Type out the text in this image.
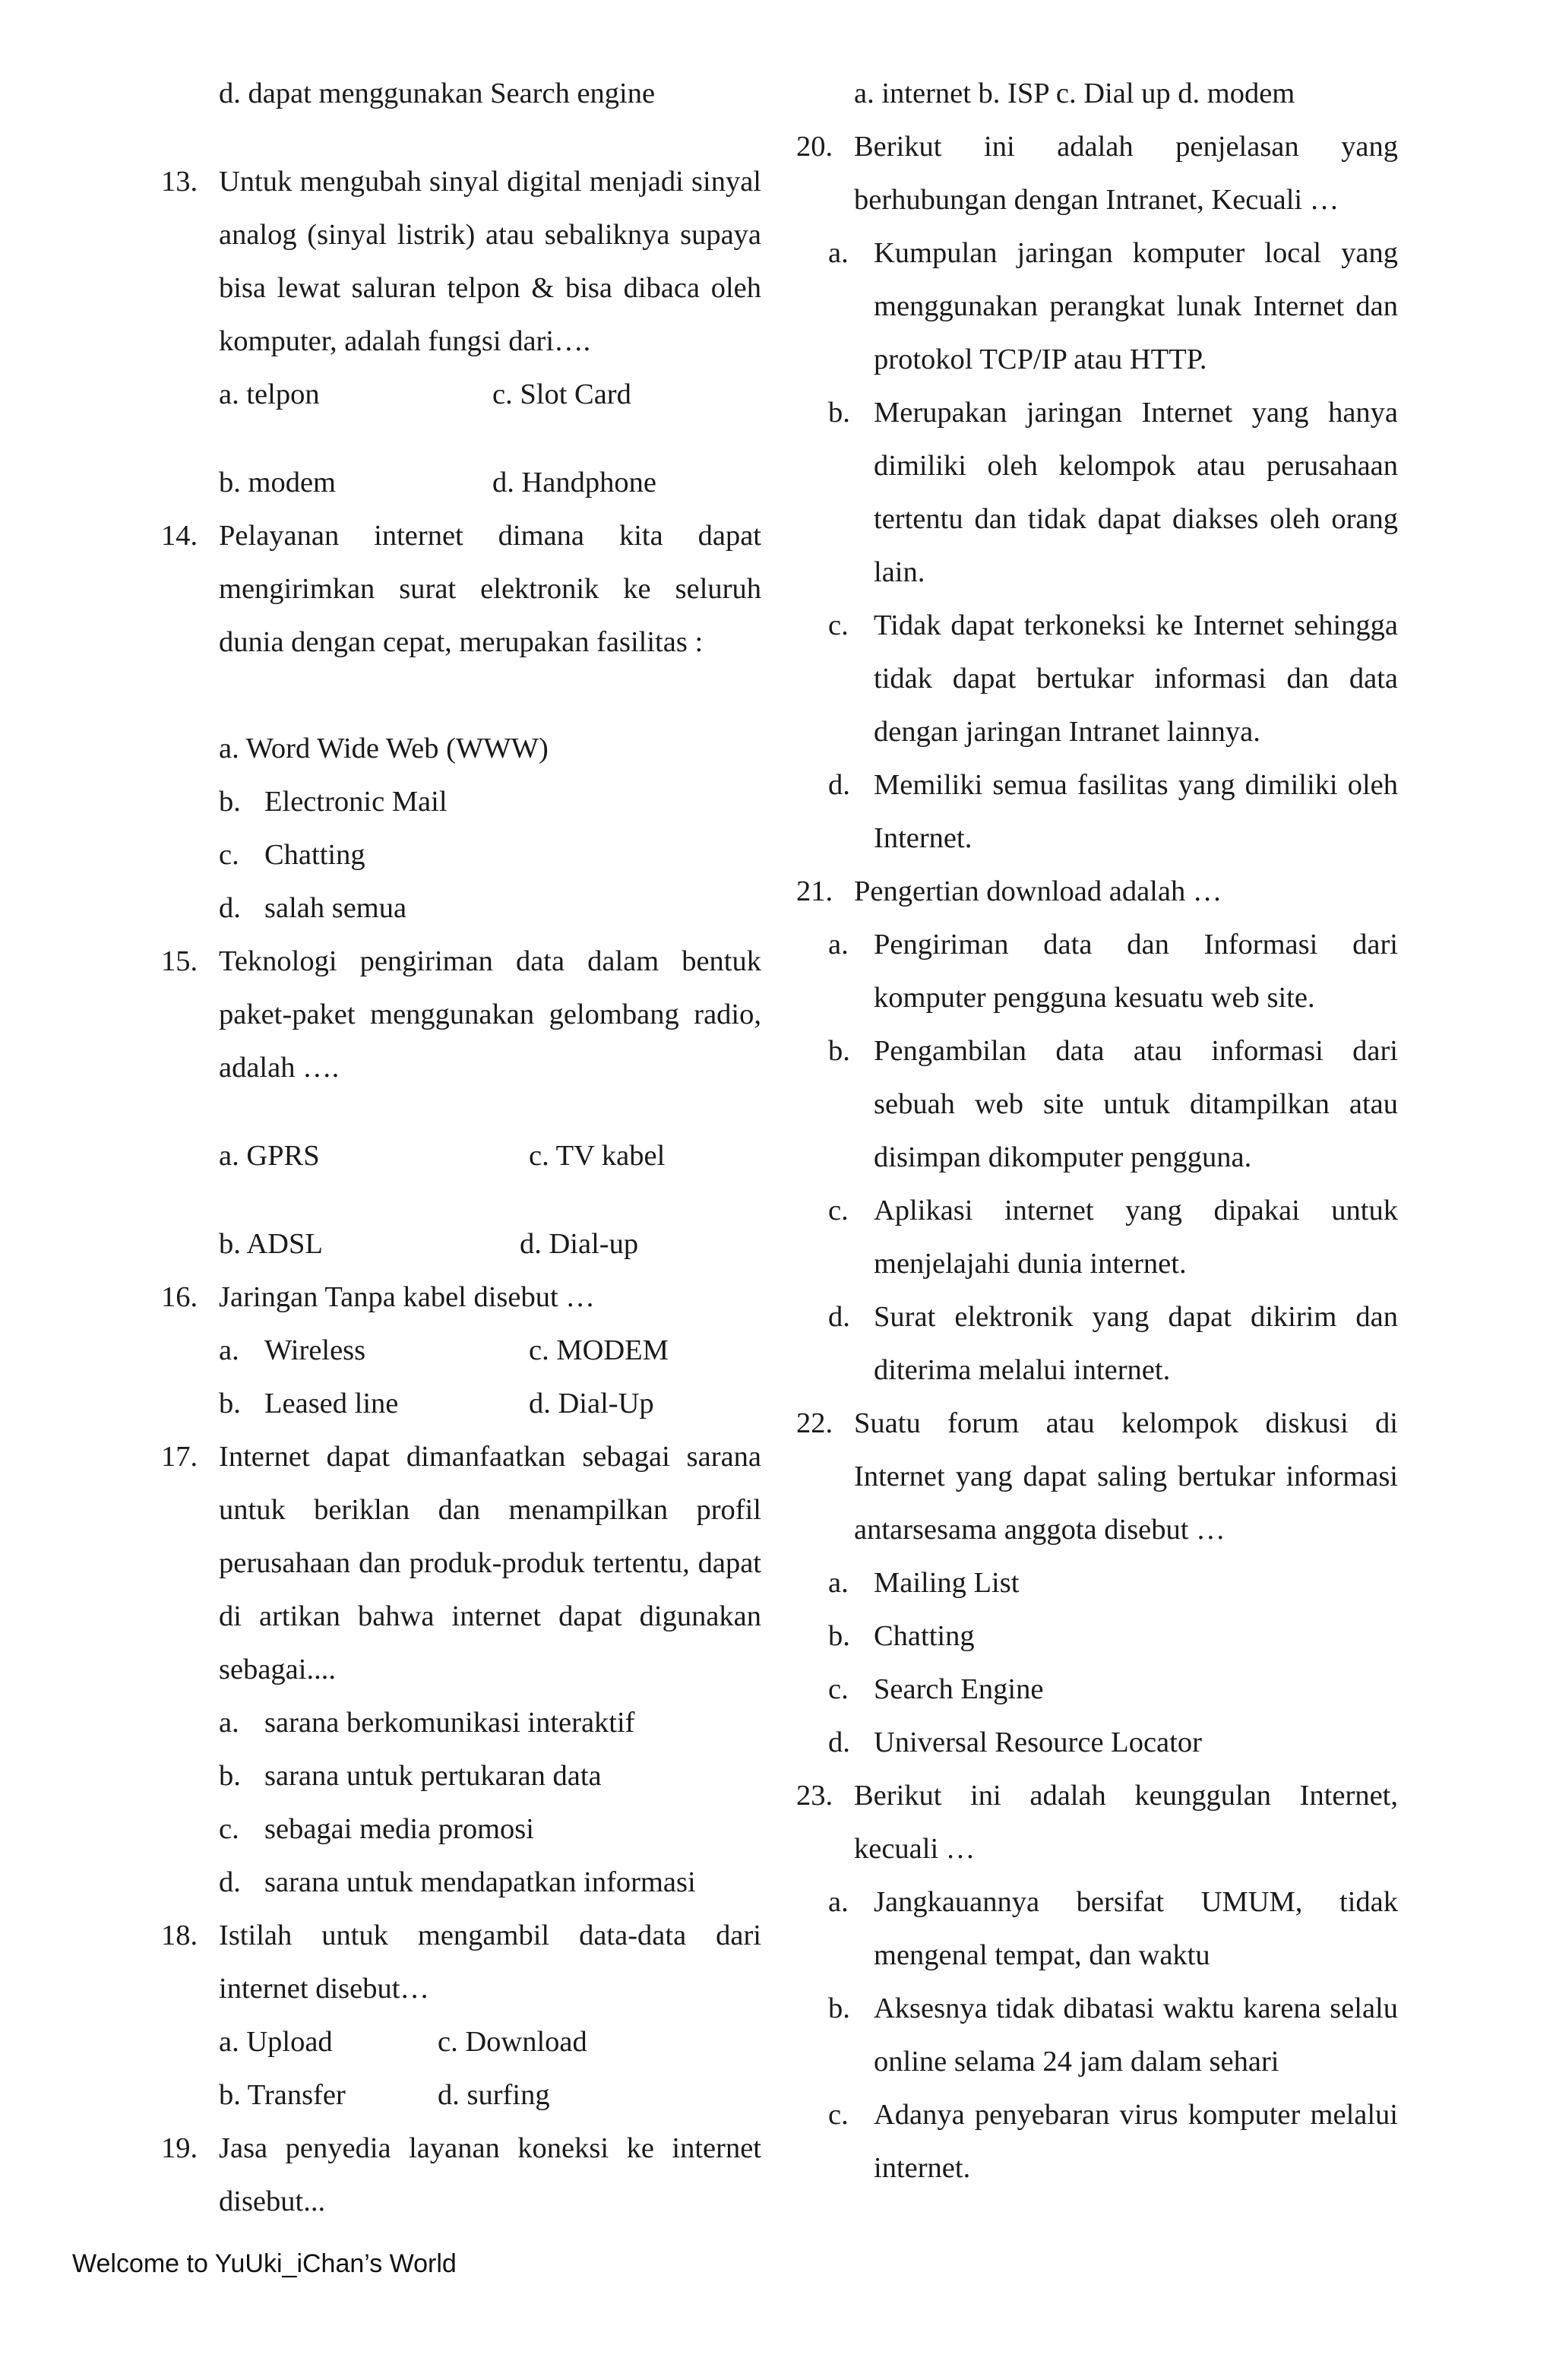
d. dapat menggunakan Search engine
13. Untuk mengubah sinyal digital menjadi sinyal analog (sinyal listrik) atau sebaliknya supaya bisa lewat saluran telpon & bisa dibaca oleh komputer, adalah fungsi dari….
a. telpon	c. Slot Card
b. modem	d. Handphone
14. Pelayanan internet dimana kita dapat mengirimkan surat elektronik ke seluruh dunia dengan cepat, merupakan fasilitas :
a. Word Wide Web (WWW)
b. Electronic Mail
c. Chatting
d. salah semua
15. Teknologi pengiriman data dalam bentuk paket-paket menggunakan gelombang radio, adalah ….
a. GPRS	c. TV kabel
b. ADSL	d. Dial-up
16. Jaringan Tanpa kabel disebut …
a. Wireless	c. MODEM
b. Leased line	d. Dial-Up
17. Internet dapat dimanfaatkan sebagai sarana untuk beriklan dan menampilkan profil perusahaan dan produk-produk tertentu, dapat di artikan bahwa internet dapat digunakan sebagai....
a. sarana berkomunikasi interaktif
b. sarana untuk pertukaran data
c. sebagai media promosi
d. sarana untuk mendapatkan informasi
18. Istilah untuk mengambil data-data dari internet disebut…
a. Upload	c. Download
b. Transfer	d. surfing
19. Jasa penyedia layanan koneksi ke internet disebut...
a. internet b. ISP c. Dial up d. modem
20. Berikut ini adalah penjelasan yang berhubungan dengan Intranet, Kecuali …
a. Kumpulan jaringan komputer local yang menggunakan perangkat lunak Internet dan protokol TCP/IP atau HTTP.
b. Merupakan jaringan Internet yang hanya dimiliki oleh kelompok atau perusahaan tertentu dan tidak dapat diakses oleh orang lain.
c. Tidak dapat terkoneksi ke Internet sehingga tidak dapat bertukar informasi dan data dengan jaringan Intranet lainnya.
d. Memiliki semua fasilitas yang dimiliki oleh Internet.
21. Pengertian download adalah …
a. Pengiriman data dan Informasi dari komputer pengguna kesuatu web site.
b. Pengambilan data atau informasi dari sebuah web site untuk ditampilkan atau disimpan dikomputer pengguna.
c. Aplikasi internet yang dipakai untuk menjelajahi dunia internet.
d. Surat elektronik yang dapat dikirim dan diterima melalui internet.
22. Suatu forum atau kelompok diskusi di Internet yang dapat saling bertukar informasi antarsesama anggota disebut …
a. Mailing List
b. Chatting
c. Search Engine
d. Universal Resource Locator
23. Berikut ini adalah keunggulan Internet, kecuali …
a. Jangkauannya bersifat UMUM, tidak mengenal tempat, dan waktu
b. Aksesnya tidak dibatasi waktu karena selalu online selama 24 jam dalam sehari
c. Adanya penyebaran virus komputer melalui internet.
Welcome to YuUki_iChan’s World
